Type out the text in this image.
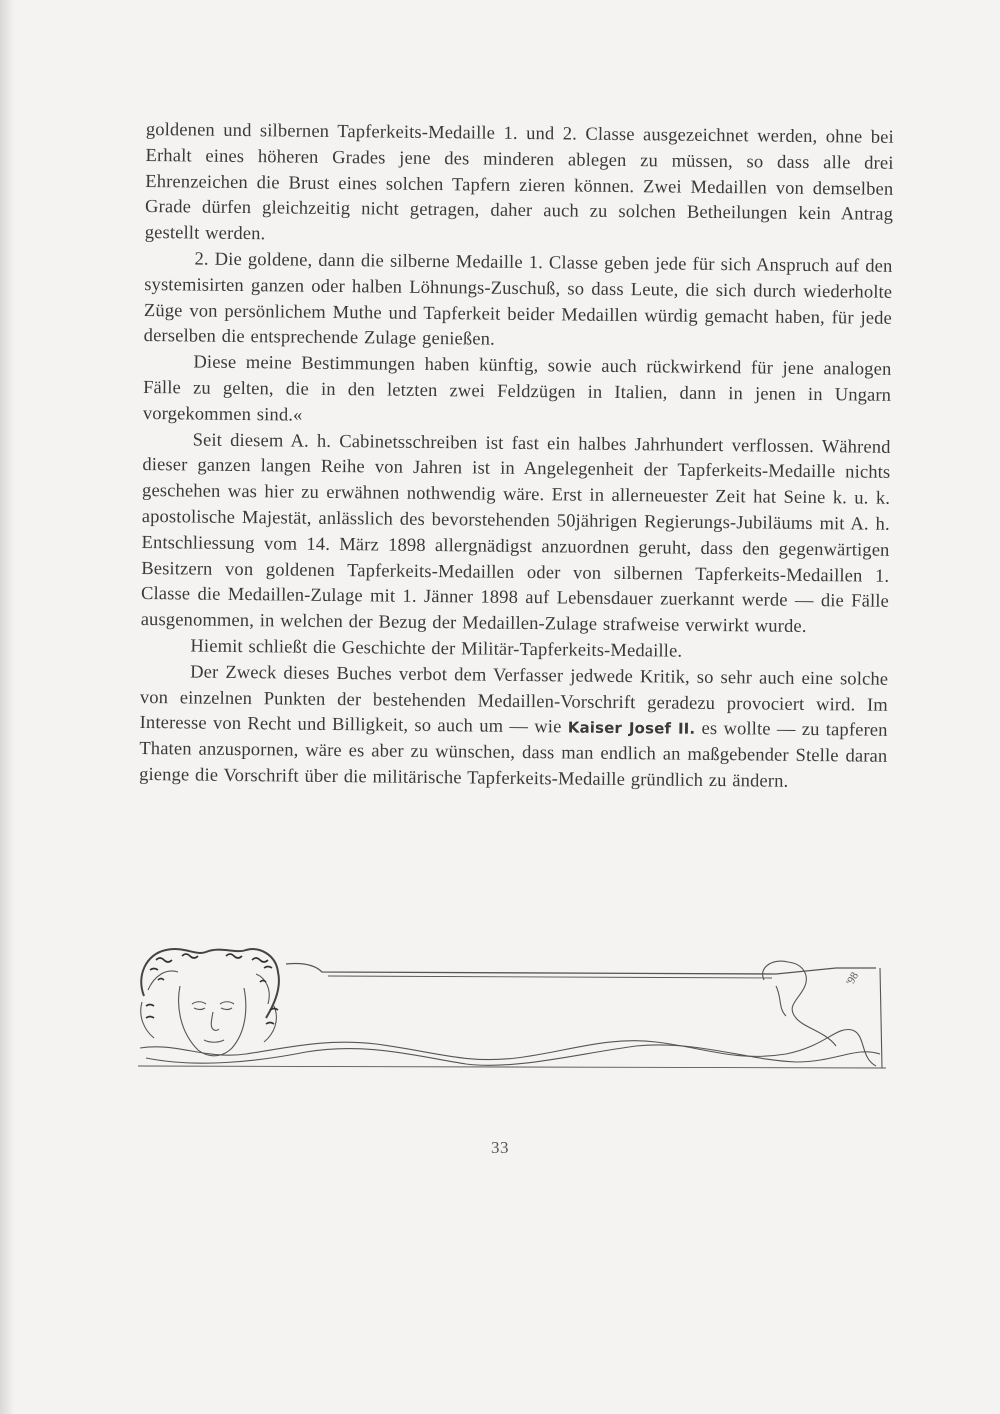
goldenen und silbernen Tapferkeits-Medaille 1. und 2. Classe ausgezeichnet werden, ohne bei Erhalt eines höheren Grades jene des minderen ablegen zu müssen, so dass alle drei Ehrenzeichen die Brust eines solchen Tapfern zieren können. Zwei Medaillen von demselben Grade dürfen gleichzeitig nicht getragen, daher auch zu solchen Betheilungen kein Antrag gestellt werden.

2. Die goldene, dann die silberne Medaille 1. Classe geben jede für sich Anspruch auf den systemisirten ganzen oder halben Löhnungs-Zuschuß, so dass Leute, die sich durch wiederholte Züge von persönlichem Muthe und Tapferkeit beider Medaillen würdig gemacht haben, für jede derselben die entsprechende Zulage genießen.

Diese meine Bestimmungen haben künftig, sowie auch rückwirkend für jene analogen Fälle zu gelten, die in den letzten zwei Feldzügen in Italien, dann in jenen in Ungarn vorgekommen sind.«

Seit diesem A. h. Cabinetsschreiben ist fast ein halbes Jahrhundert verflossen. Während dieser ganzen langen Reihe von Jahren ist in Angelegenheit der Tapferkeits-Medaille nichts geschehen was hier zu erwähnen nothwendig wäre. Erst in allerneuester Zeit hat Seine k. u. k. apostolische Majestät, anlässlich des bevorstehenden 50jährigen Regierungs-Jubiläums mit A. h. Entschliessung vom 14. März 1898 allergnädigst anzuordnen geruht, dass den gegenwärtigen Besitzern von goldenen Tapferkeits-Medaillen oder von silbernen Tapferkeits-Medaillen 1. Classe die Medaillen-Zulage mit 1. Jänner 1898 auf Lebensdauer zuerkannt werde — die Fälle ausgenommen, in welchen der Bezug der Medaillen-Zulage strafweise verwirkt wurde.

Hiemit schließt die Geschichte der Militär-Tapferkeits-Medaille.

Der Zweck dieses Buches verbot dem Verfasser jedwede Kritik, so sehr auch eine solche von einzelnen Punkten der bestehenden Medaillen-Vorschrift geradezu provociert wird. Im Interesse von Recht und Billigkeit, so auch um — wie Kaiser Josef II. es wollte — zu tapferen Thaten anzuspornen, wäre es aber zu wünschen, dass man endlich an maßgebender Stelle daran gienge die Vorschrift über die militärische Tapferkeits-Medaille gründlich zu ändern.

'98
33
